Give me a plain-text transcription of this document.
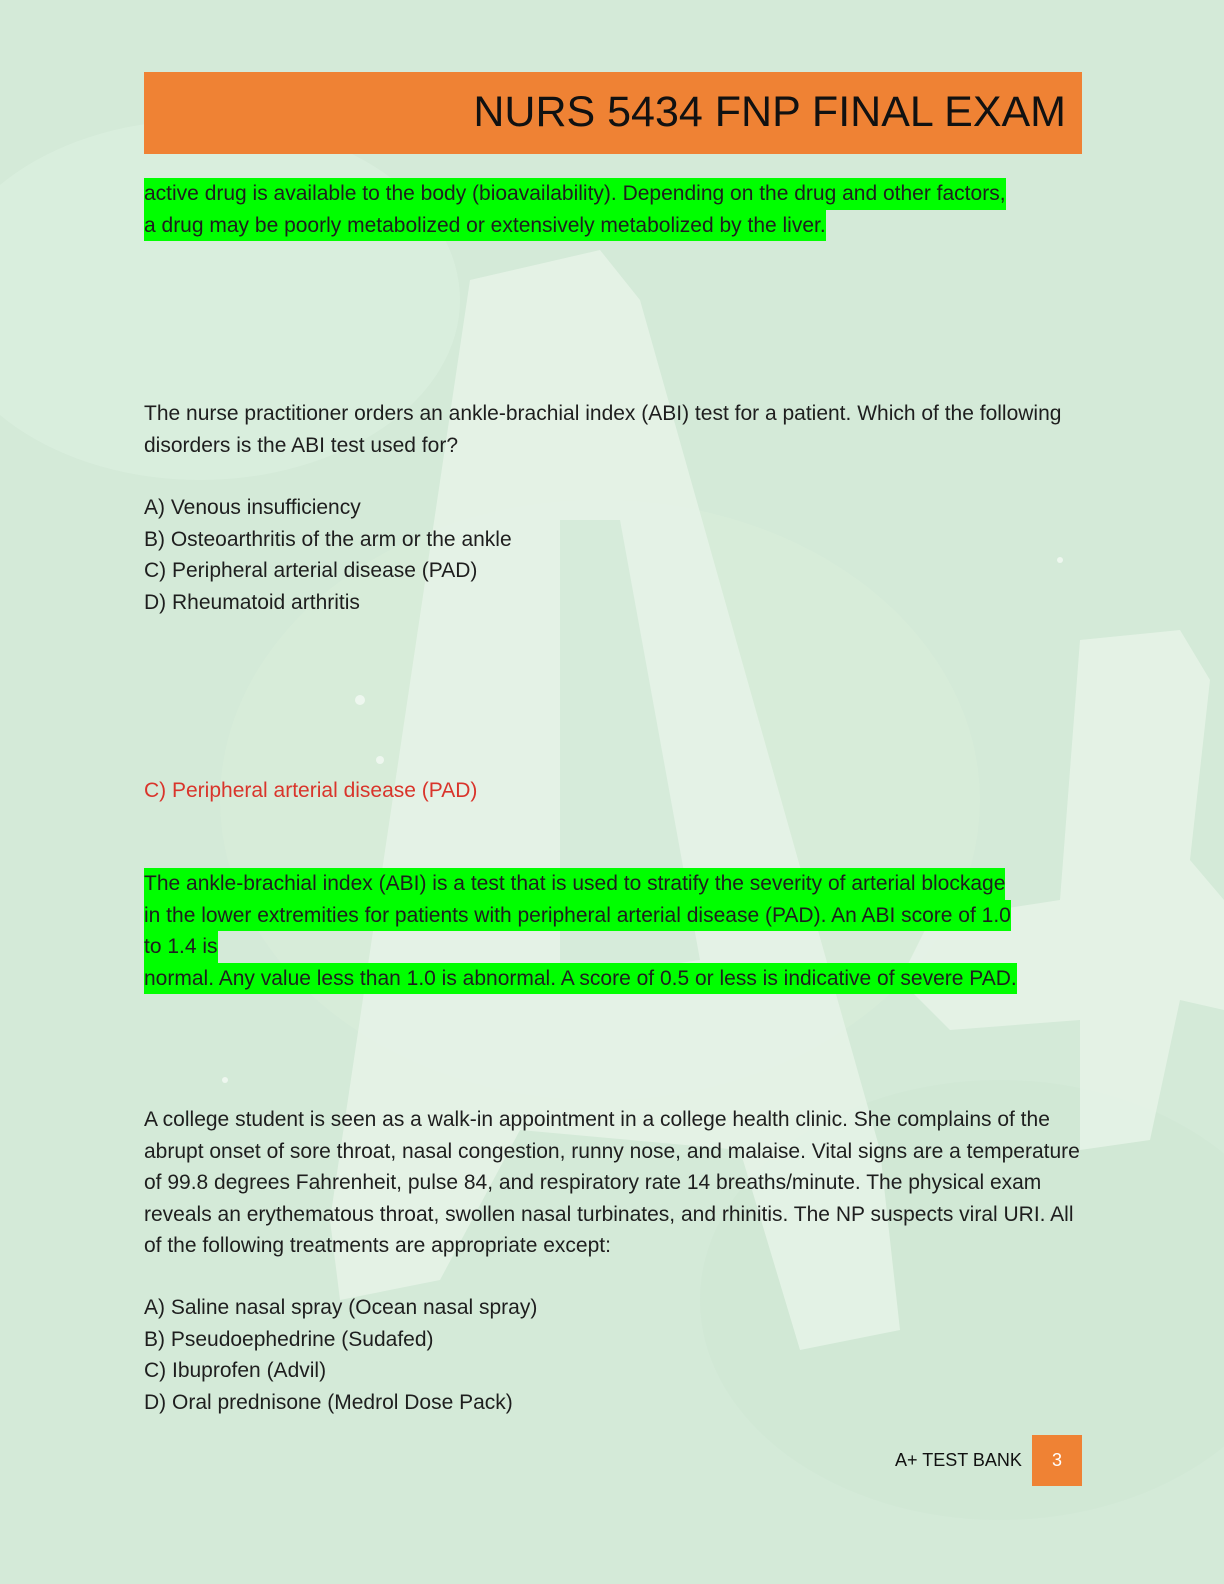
NURS 5434 FNP FINAL EXAM
active drug is available to the body (bioavailability). Depending on the drug and other factors,
a drug may be poorly metabolized or extensively metabolized by the liver.

The nurse practitioner orders an ankle-brachial index (ABI) test for a patient. Which of the following disorders is the ABI test used for?

A) Venous insufficiency
B) Osteoarthritis of the arm or the ankle
C) Peripheral arterial disease (PAD)
D) Rheumatoid arthritis
C) Peripheral arterial disease (PAD)
The ankle-brachial index (ABI) is a test that is used to stratify the severity of arterial blockage
in the lower extremities for patients with peripheral arterial disease (PAD). An ABI score of 1.0
to 1.4 is
normal. Any value less than 1.0 is abnormal. A score of 0.5 or less is indicative of severe PAD.

A college student is seen as a walk-in appointment in a college health clinic. She complains of the abrupt onset of sore throat, nasal congestion, runny nose, and malaise. Vital signs are a temperature of 99.8 degrees Fahrenheit, pulse 84, and respiratory rate 14 breaths/minute. The physical exam reveals an erythematous throat, swollen nasal turbinates, and rhinitis. The NP suspects viral URI. All of the following treatments are appropriate except:

A) Saline nasal spray (Ocean nasal spray)
B) Pseudoephedrine (Sudafed)
C) Ibuprofen (Advil)
D) Oral prednisone (Medrol Dose Pack)
A+ TEST BANK	3
